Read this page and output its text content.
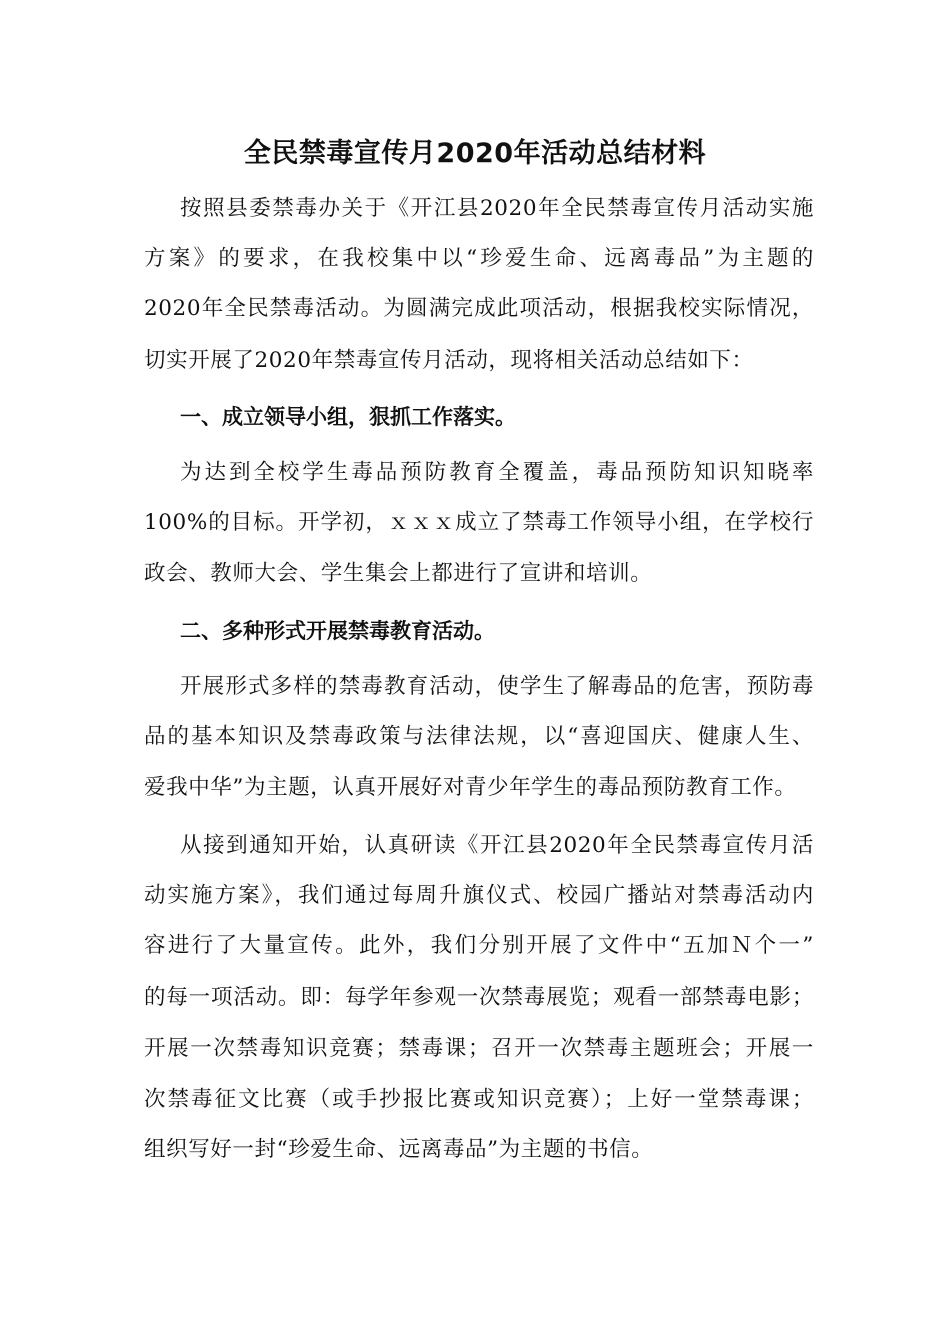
全民禁毒宣传月2020年活动总结材料
按照县委禁毒办关于《开江县2020年全民禁毒宣传月活动实施
方案》的要求，在我校集中以“珍爱生命、远离毒品”为主题的
2020年全民禁毒活动。为圆满完成此项活动，根据我校实际情况，
切实开展了2020年禁毒宣传月活动，现将相关活动总结如下：
一、成立领导小组，狠抓工作落实。
为达到全校学生毒品预防教育全覆盖，毒品预防知识知晓率
100%的目标。开学初，ｘｘｘ成立了禁毒工作领导小组，在学校行
政会、教师大会、学生集会上都进行了宣讲和培训。
二、多种形式开展禁毒教育活动。
开展形式多样的禁毒教育活动，使学生了解毒品的危害，预防毒
品的基本知识及禁毒政策与法律法规，以“喜迎国庆、健康人生、
爱我中华”为主题，认真开展好对青少年学生的毒品预防教育工作。
从接到通知开始，认真研读《开江县2020年全民禁毒宣传月活
动实施方案》，我们通过每周升旗仪式、校园广播站对禁毒活动内
容进行了大量宣传。此外，我们分别开展了文件中“五加Ｎ个一”
的每一项活动。即：每学年参观一次禁毒展览；观看一部禁毒电影；
开展一次禁毒知识竞赛；禁毒课；召开一次禁毒主题班会；开展一
次禁毒征文比赛（或手抄报比赛或知识竞赛）；上好一堂禁毒课；
组织写好一封“珍爱生命、远离毒品”为主题的书信。
